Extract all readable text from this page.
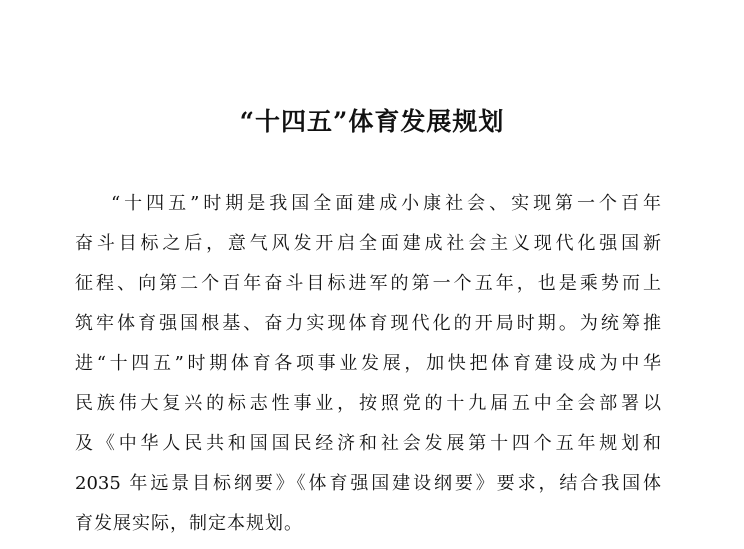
“十四五”体育发展规划
“十四五”时期是我国全面建成小康社会、实现第一个百年
奋斗目标之后，意气风发开启全面建成社会主义现代化强国新
征程、向第二个百年奋斗目标进军的第一个五年，也是乘势而上
筑牢体育强国根基、奋力实现体育现代化的开局时期。为统筹推
进“十四五”时期体育各项事业发展，加快把体育建设成为中华
民族伟大复兴的标志性事业，按照党的十九届五中全会部署以
及《中华人民共和国国民经济和社会发展第十四个五年规划和
2035 年远景目标纲要》《体育强国建设纲要》要求，结合我国体
育发展实际，制定本规划。
